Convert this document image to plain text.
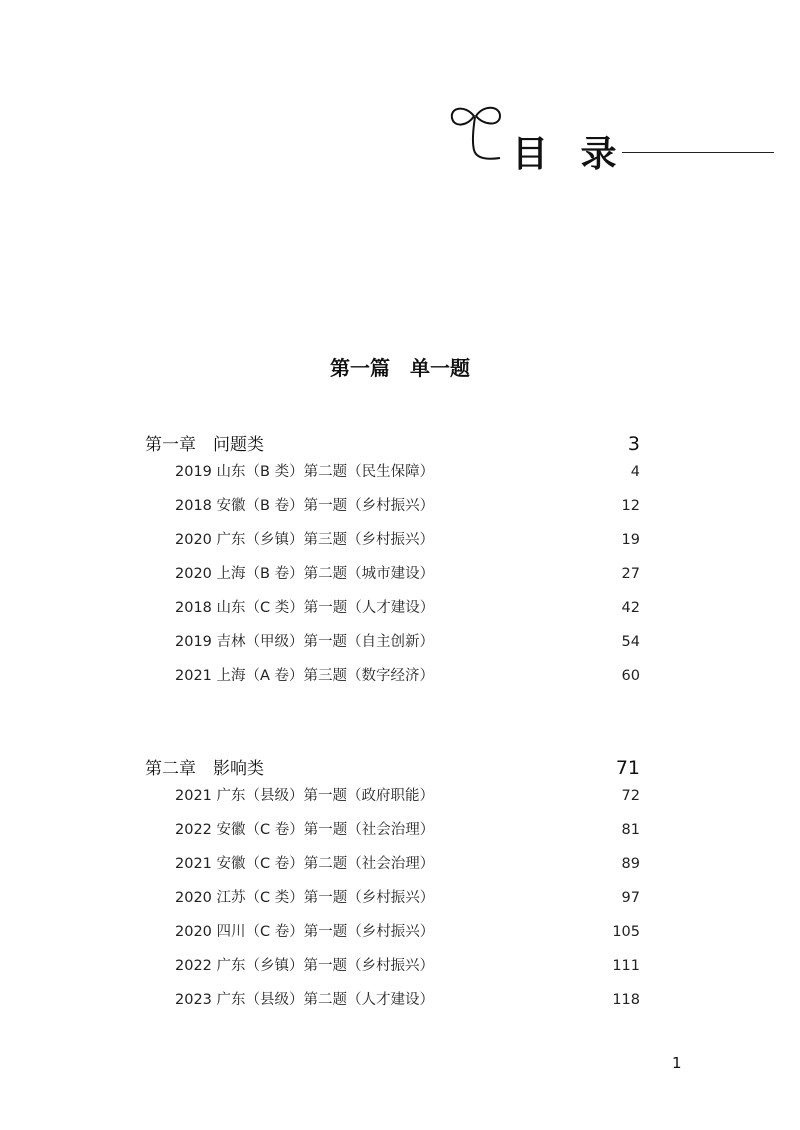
目 录
第一篇　单一题
第一章　问题类	3
2019 山东（B 类）第二题（民生保障）	4
2018 安徽（B 卷）第一题（乡村振兴）	12
2020 广东（乡镇）第三题（乡村振兴）	19
2020 上海（B 卷）第二题（城市建设）	27
2018 山东（C 类）第一题（人才建设）	42
2019 吉林（甲级）第一题（自主创新）	54
2021 上海（A 卷）第三题（数字经济）	60
第二章　影响类	71
2021 广东（县级）第一题（政府职能）	72
2022 安徽（C 卷）第一题（社会治理）	81
2021 安徽（C 卷）第二题（社会治理）	89
2020 江苏（C 类）第一题（乡村振兴）	97
2020 四川（C 卷）第一题（乡村振兴）	105
2022 广东（乡镇）第一题（乡村振兴）	111
2023 广东（县级）第二题（人才建设）	118
1
